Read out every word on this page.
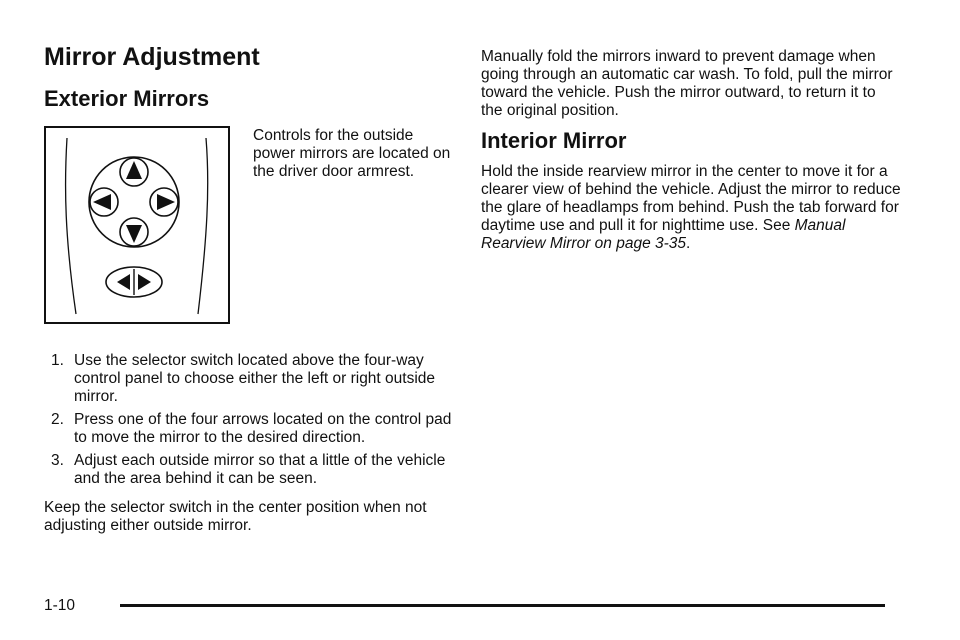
Mirror Adjustment
Exterior Mirrors

Controls for the outside power mirrors are located on the driver door armrest.

1. Use the selector switch located above the four-way control panel to choose either the left or right outside mirror.
2. Press one of the four arrows located on the control pad to move the mirror to the desired direction.
3. Adjust each outside mirror so that a little of the vehicle and the area behind it can be seen.

Keep the selector switch in the center position when not adjusting either outside mirror.

Manually fold the mirrors inward to prevent damage when going through an automatic car wash. To fold, pull the mirror toward the vehicle. Push the mirror outward, to return it to the original position.

Interior Mirror

Hold the inside rearview mirror in the center to move it for a clearer view of behind the vehicle. Adjust the mirror to reduce the glare of headlamps from behind. Push the tab forward for daytime use and pull it for nighttime use. See Manual Rearview Mirror on page 3-35.

1-10
